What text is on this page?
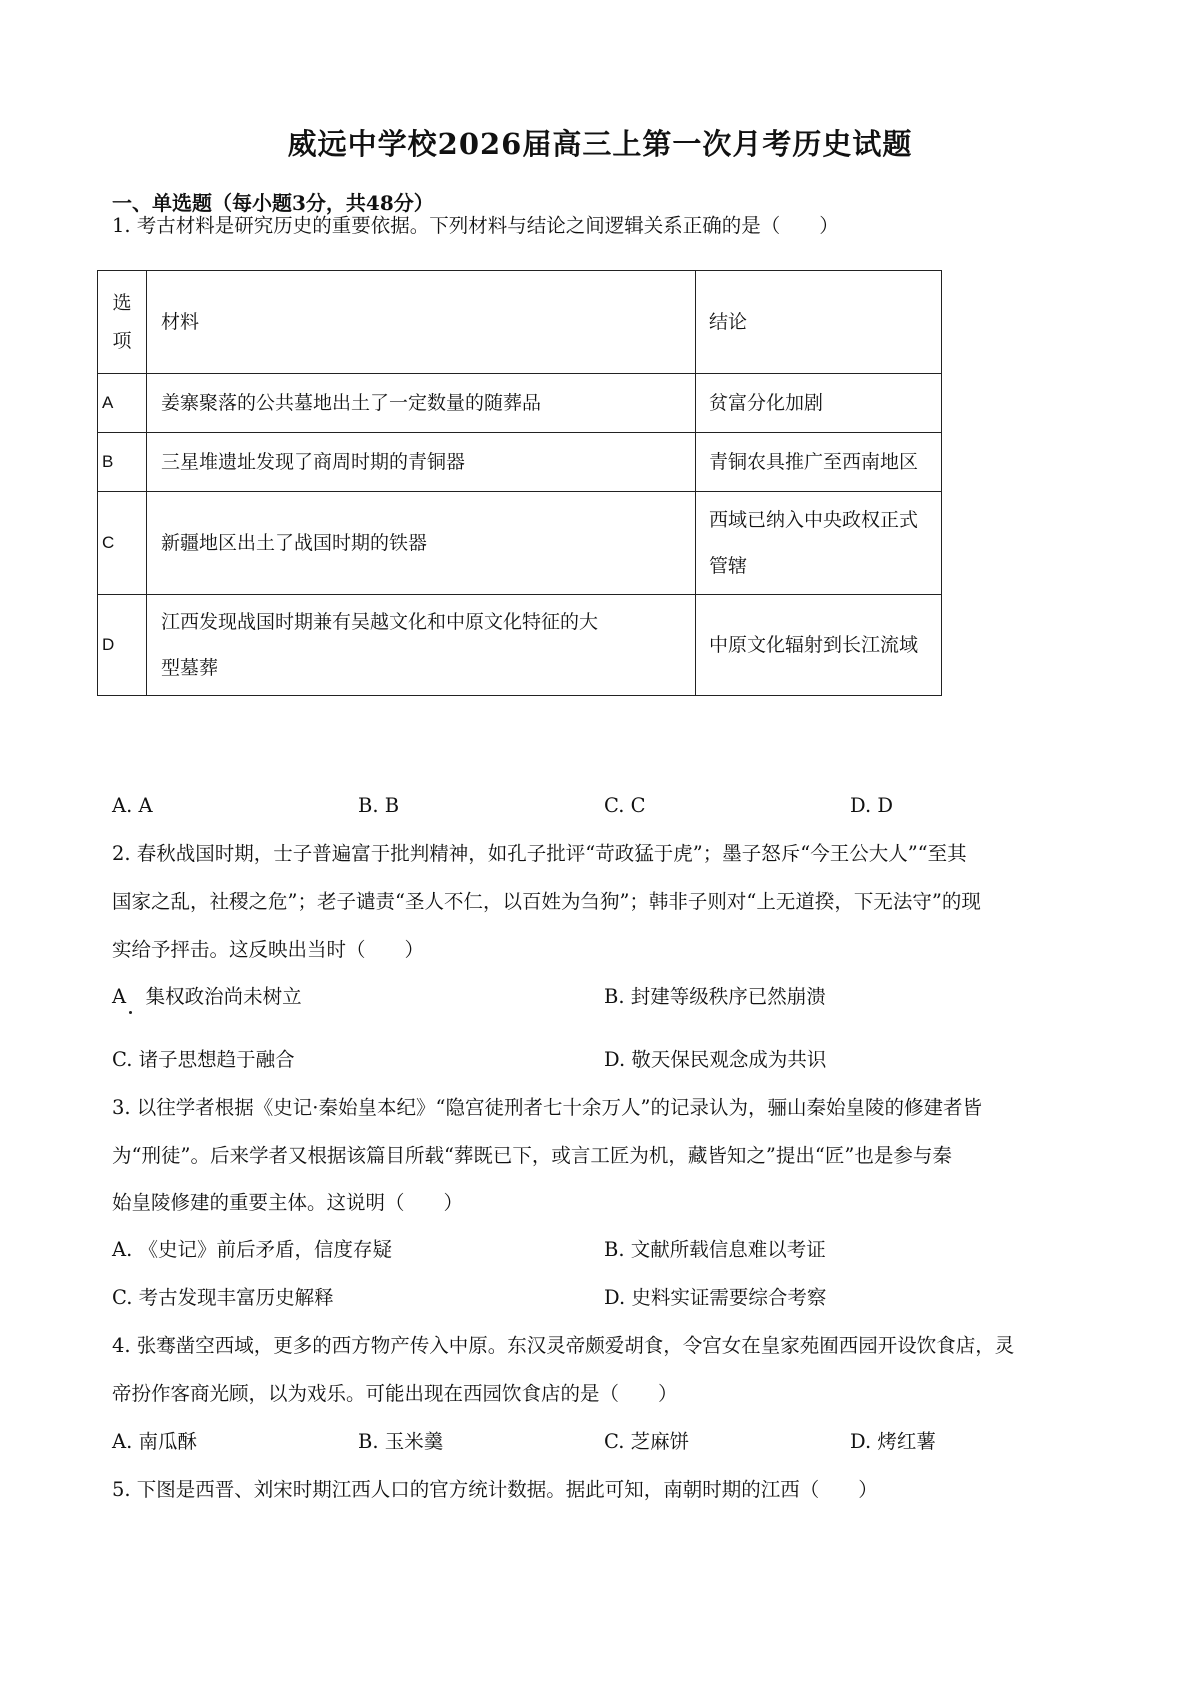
威远中学校2026届高三上第一次月考历史试题
一、单选题（每小题3分，共48分）
1. 考古材料是研究历史的重要依据。下列材料与结论之间逻辑关系正确的是（　　）
选
项	材料	结论
A	姜寨聚落的公共墓地出土了一定数量的随葬品	贫富分化加剧
B	三星堆遗址发现了商周时期的青铜器	青铜农具推广至西南地区
C	新疆地区出土了战国时期的铁器	西域已纳入中央政权正式
管辖

D	江西发现战国时期兼有吴越文化和中原文化特征的大
型墓葬	中原文化辐射到长江流域
A. A	B. B	C. C	D. D
2. 春秋战国时期，士子普遍富于批判精神，如孔子批评“苛政猛于虎”；墨子怒斥“今王公大人”“至其
国家之乱，社稷之危”；老子谴责“圣人不仁，以百姓为刍狗”；韩非子则对“上无道揆，下无法守”的现
实给予抨击。这反映出当时（　　）
A　集权政治尚未树立	B. 封建等级秩序已然崩溃
C. 诸子思想趋于融合	D. 敬天保民观念成为共识
3. 以往学者根据《史记·秦始皇本纪》“隐宫徒刑者七十余万人”的记录认为，骊山秦始皇陵的修建者皆
为“刑徒”。后来学者又根据该篇目所载“葬既已下，或言工匠为机，藏皆知之”提出“匠”也是参与秦
始皇陵修建的重要主体。这说明（　　）
A. 《史记》前后矛盾，信度存疑	B. 文献所载信息难以考证
C. 考古发现丰富历史解释	D. 史料实证需要综合考察
4. 张骞凿空西域，更多的西方物产传入中原。东汉灵帝颇爱胡食，令宫女在皇家苑囿西园开设饮食店，灵
帝扮作客商光顾，以为戏乐。可能出现在西园饮食店的是（　　）
A. 南瓜酥	B. 玉米羹	C. 芝麻饼	D. 烤红薯
5. 下图是西晋、刘宋时期江西人口的官方统计数据。据此可知，南朝时期的江西（　　）
